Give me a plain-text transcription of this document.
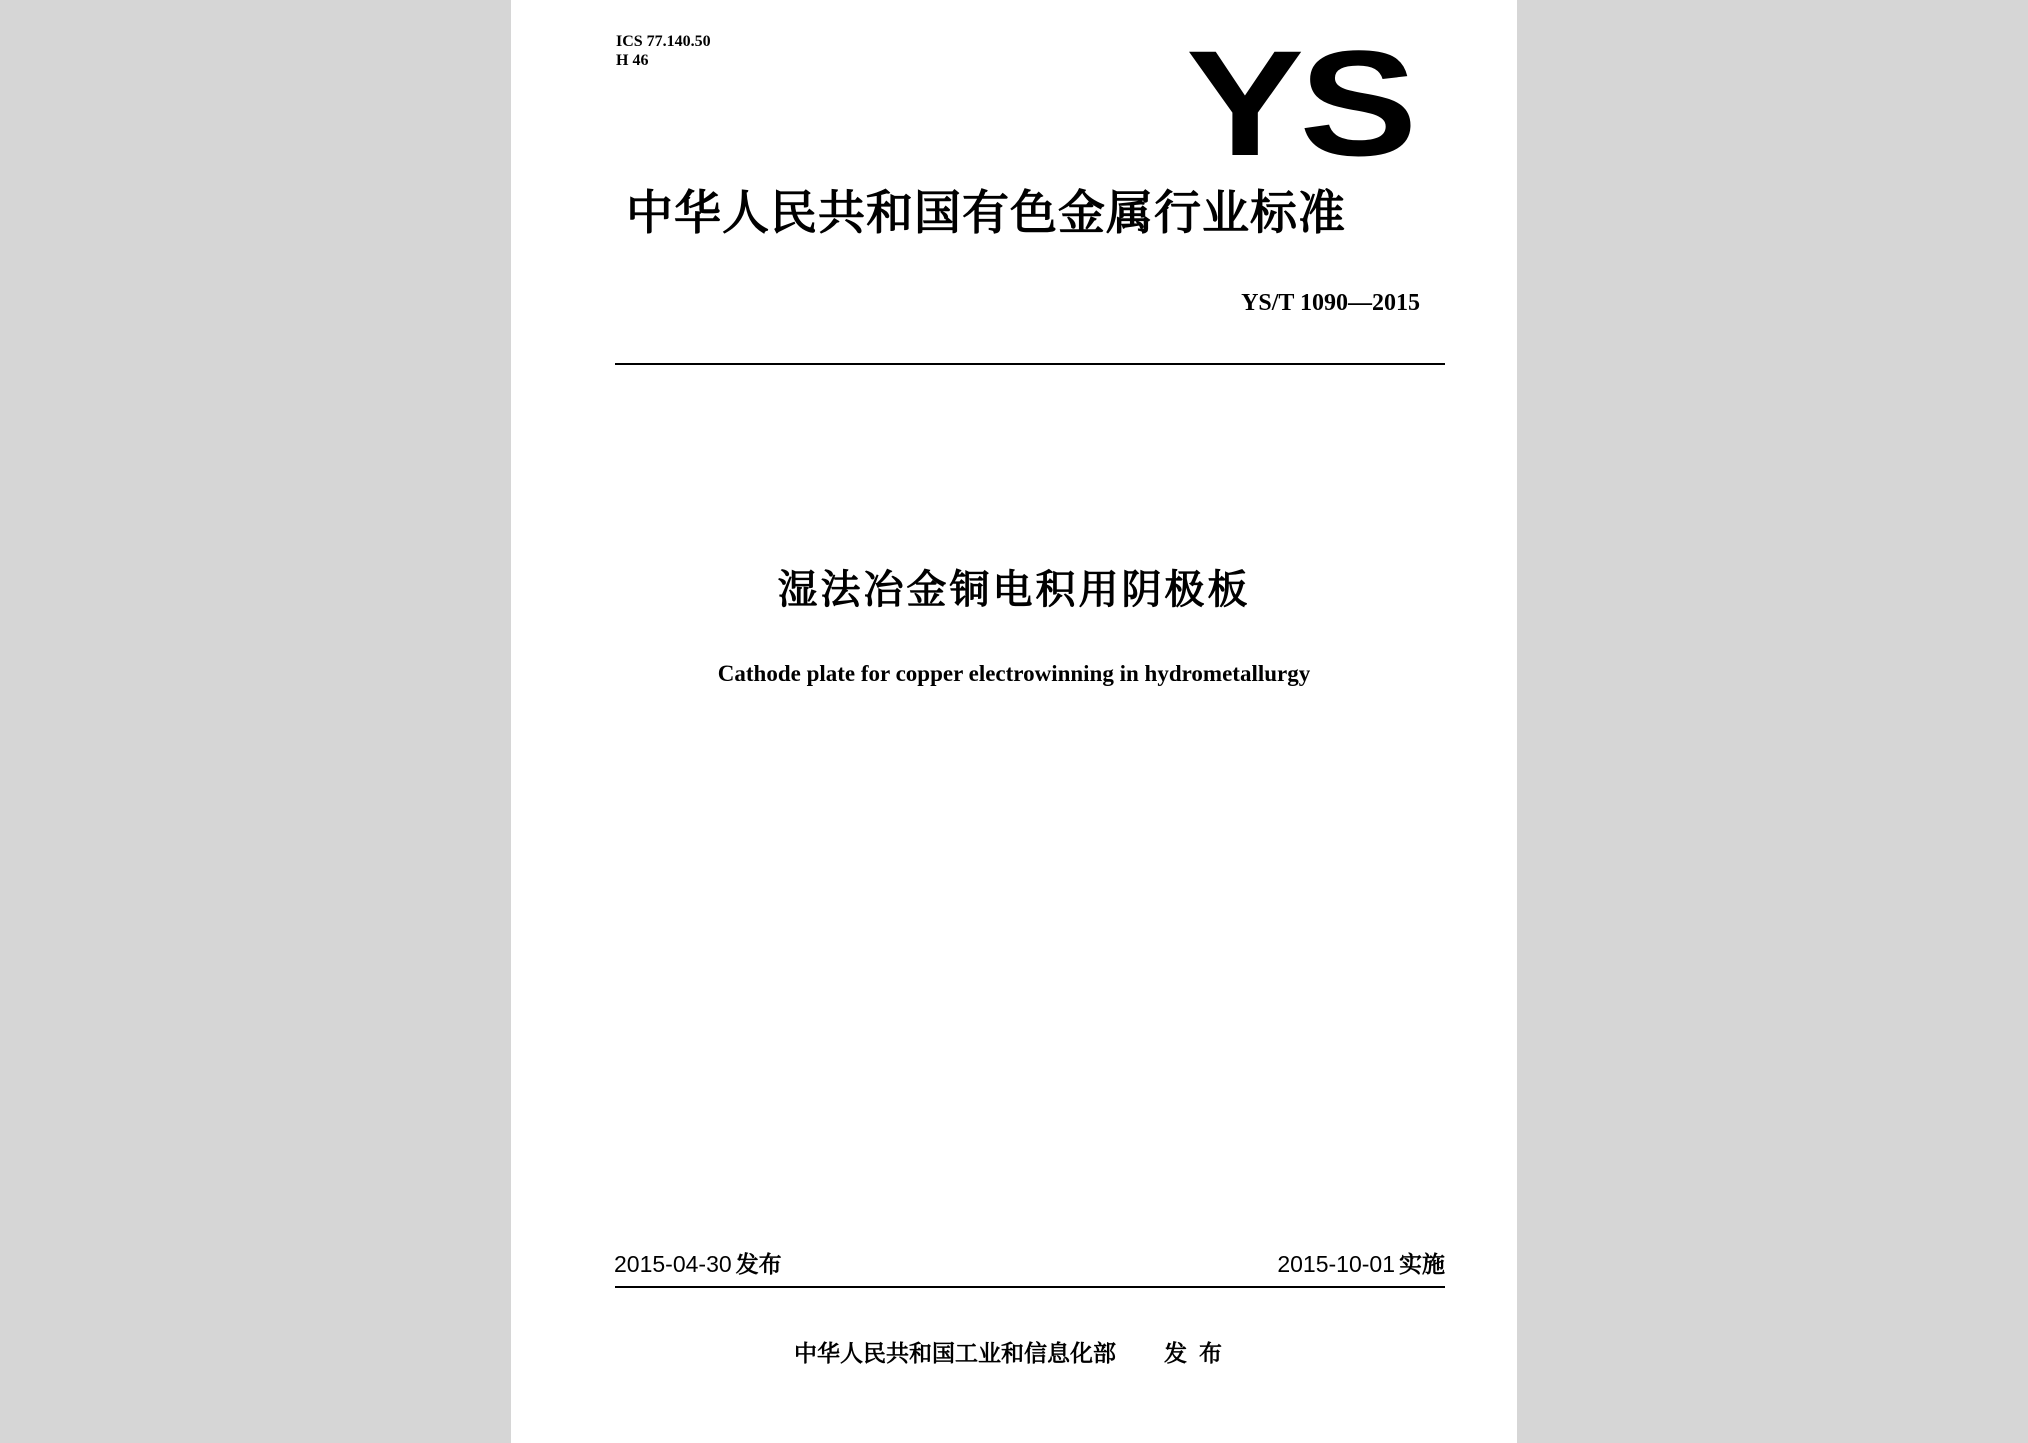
ICS 77.140.50
H 46	YS
中华人民共和国有色金属行业标准
YS/T 1090—2015
湿法冶金铜电积用阴极板
Cathode plate for copper electrowinning in hydrometallurgy
2015-04-30 发布	2015-10-01 实施
中华人民共和国工业和信息化部 发布
